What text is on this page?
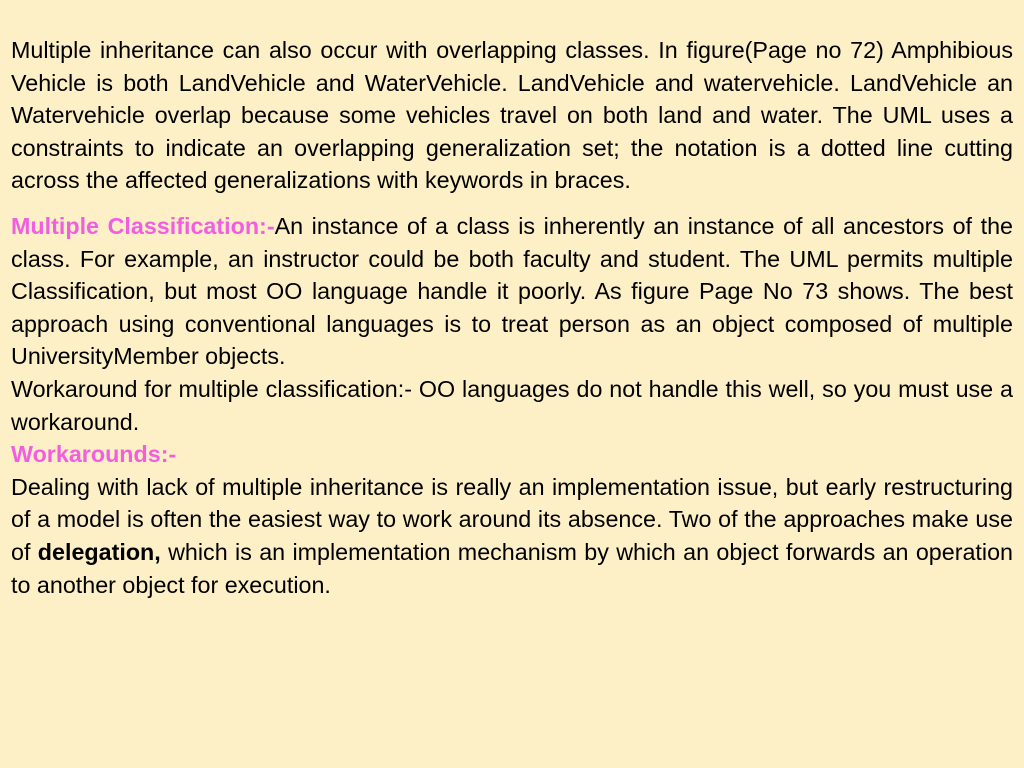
Multiple inheritance can also occur with overlapping classes. In figure(Page no 72) Amphibious Vehicle is both LandVehicle and WaterVehicle. LandVehicle and watervehicle. LandVehicle an Watervehicle overlap because some vehicles travel on both land and water. The UML uses a constraints to indicate an overlapping generalization set; the notation is a dotted line cutting across the affected generalizations with keywords in braces.

Multiple Classification:-An instance of a class is inherently an instance of all ancestors of the class. For example, an instructor could be both faculty and student. The UML permits multiple Classification, but most OO language handle it poorly. As figure Page No 73 shows. The best approach using conventional languages is to treat person as an object composed of multiple UniversityMember objects.

Workaround for multiple classification:- OO languages do not handle this well, so you must use a workaround.

Workarounds:-

Dealing with lack of multiple inheritance is really an implementation issue, but early restructuring of a model is often the easiest way to work around its absence. Two of the approaches make use of delegation, which is an implementation mechanism by which an object forwards an operation to another object for execution.
